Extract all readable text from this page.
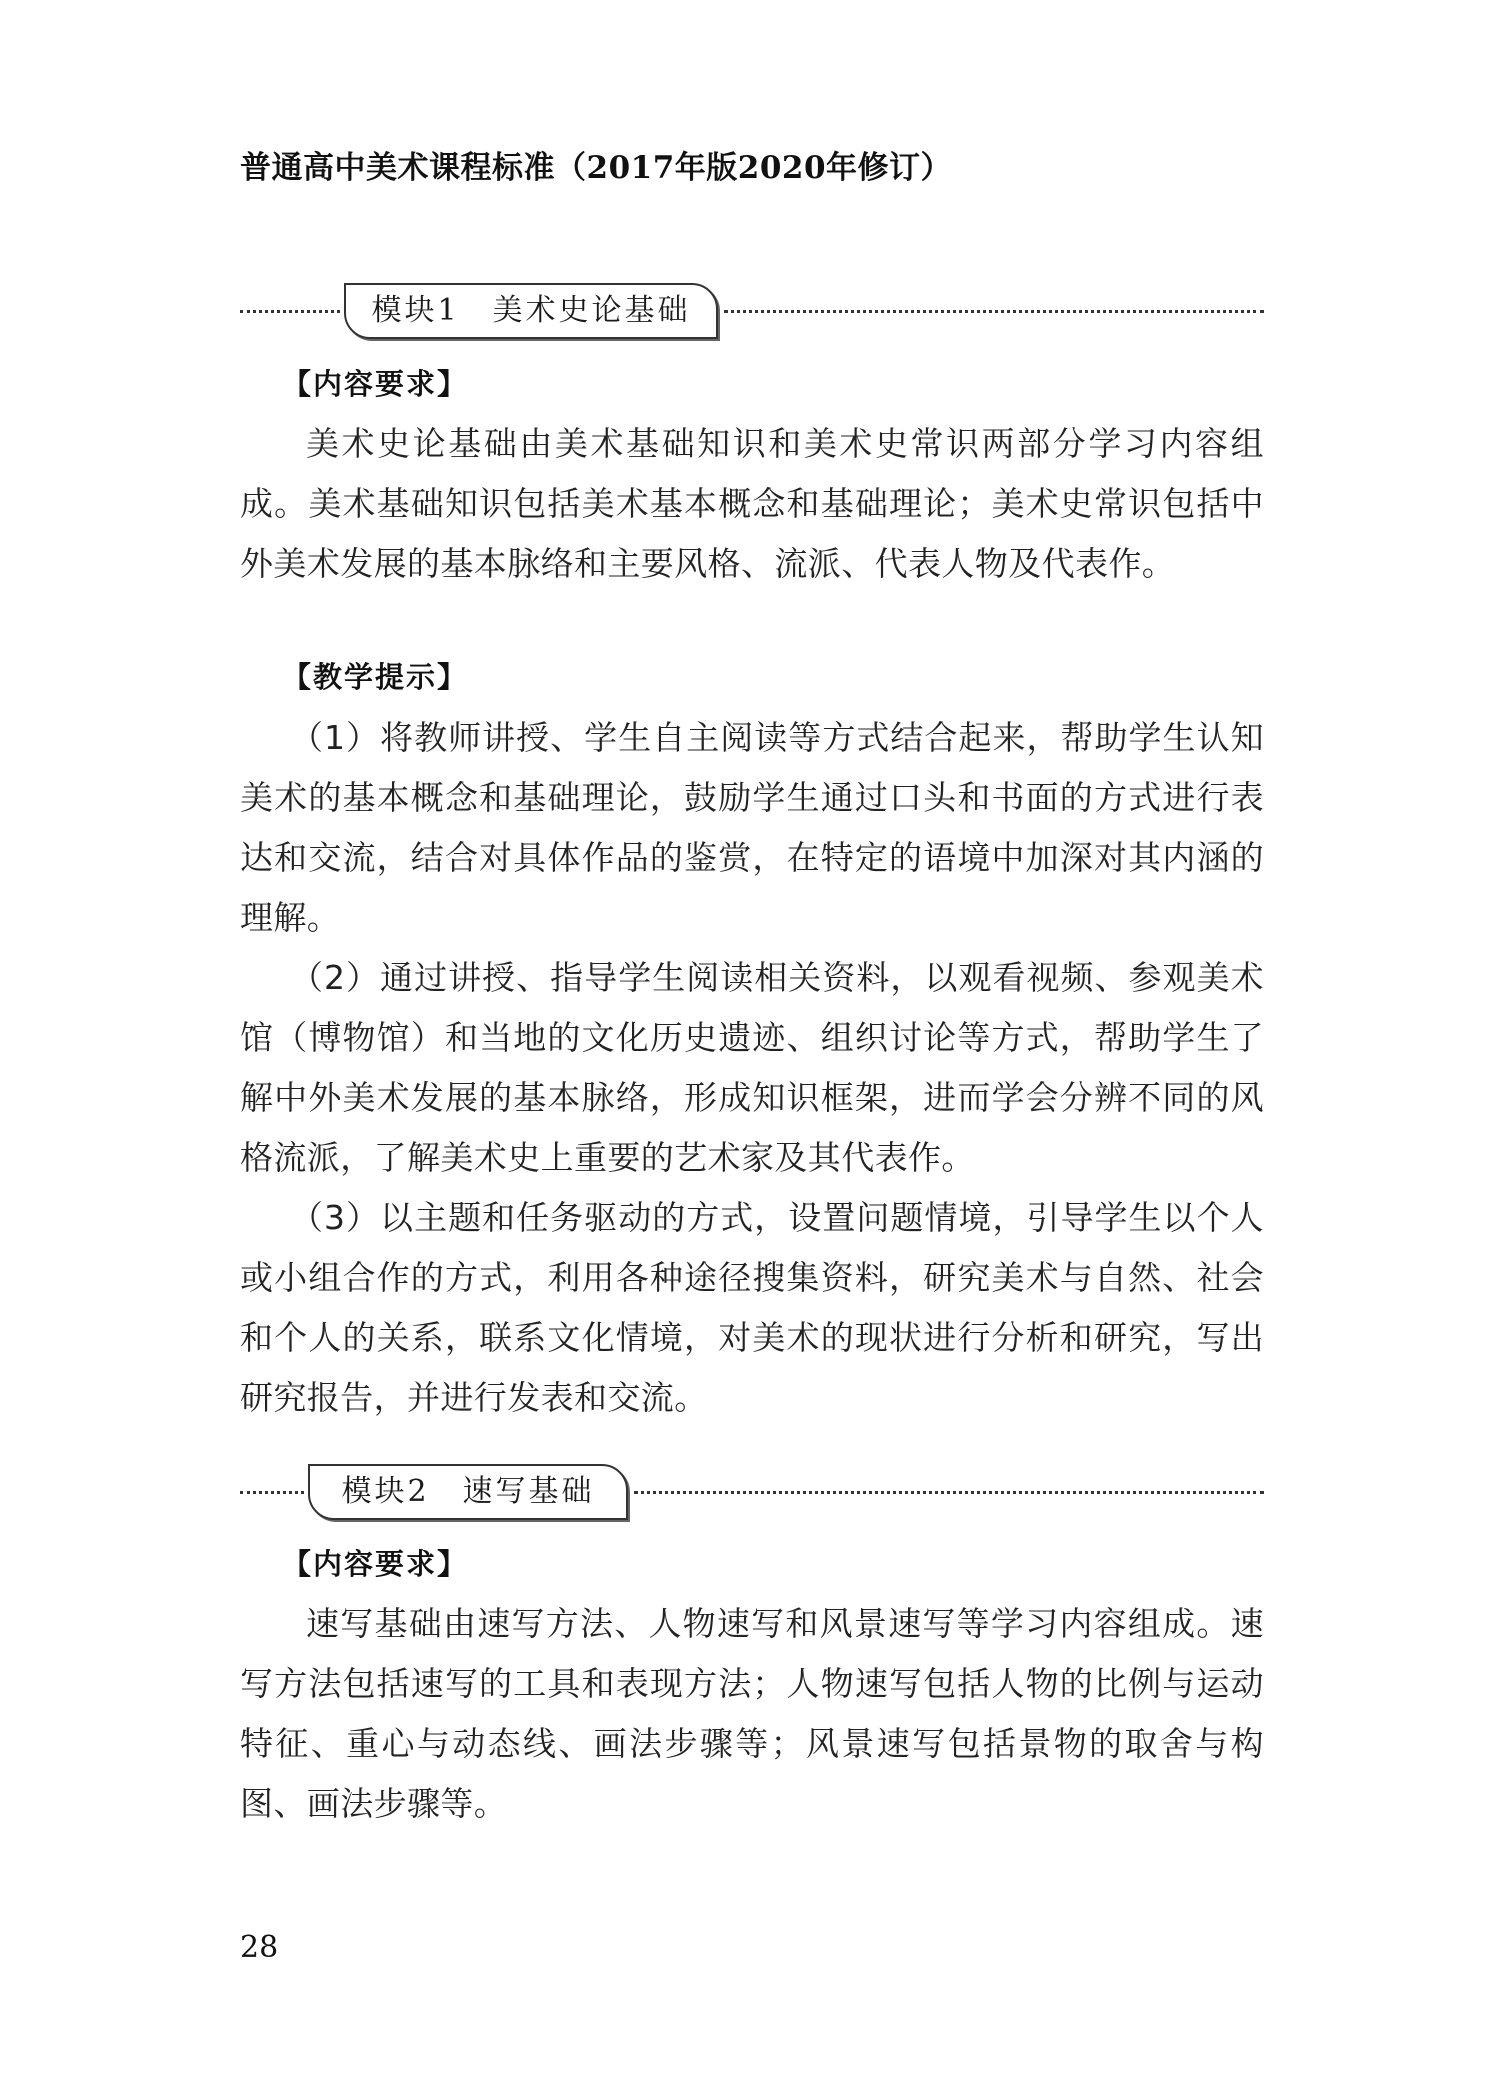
普通高中美术课程标准（2017年版2020年修订）
模块1　美术史论基础
【内容要求】
美术史论基础由美术基础知识和美术史常识两部分学习内容组成。美术基础知识包括美术基本概念和基础理论；美术史常识包括中外美术发展的基本脉络和主要风格、流派、代表人物及代表作。
【教学提示】
（1）将教师讲授、学生自主阅读等方式结合起来，帮助学生认知美术的基本概念和基础理论，鼓励学生通过口头和书面的方式进行表达和交流，结合对具体作品的鉴赏，在特定的语境中加深对其内涵的理解。
（2）通过讲授、指导学生阅读相关资料，以观看视频、参观美术馆（博物馆）和当地的文化历史遗迹、组织讨论等方式，帮助学生了解中外美术发展的基本脉络，形成知识框架，进而学会分辨不同的风格流派，了解美术史上重要的艺术家及其代表作。
（3）以主题和任务驱动的方式，设置问题情境，引导学生以个人或小组合作的方式，利用各种途径搜集资料，研究美术与自然、社会和个人的关系，联系文化情境，对美术的现状进行分析和研究，写出研究报告，并进行发表和交流。
模块2　速写基础
【内容要求】
速写基础由速写方法、人物速写和风景速写等学习内容组成。速写方法包括速写的工具和表现方法；人物速写包括人物的比例与运动特征、重心与动态线、画法步骤等；风景速写包括景物的取舍与构图、画法步骤等。
28
